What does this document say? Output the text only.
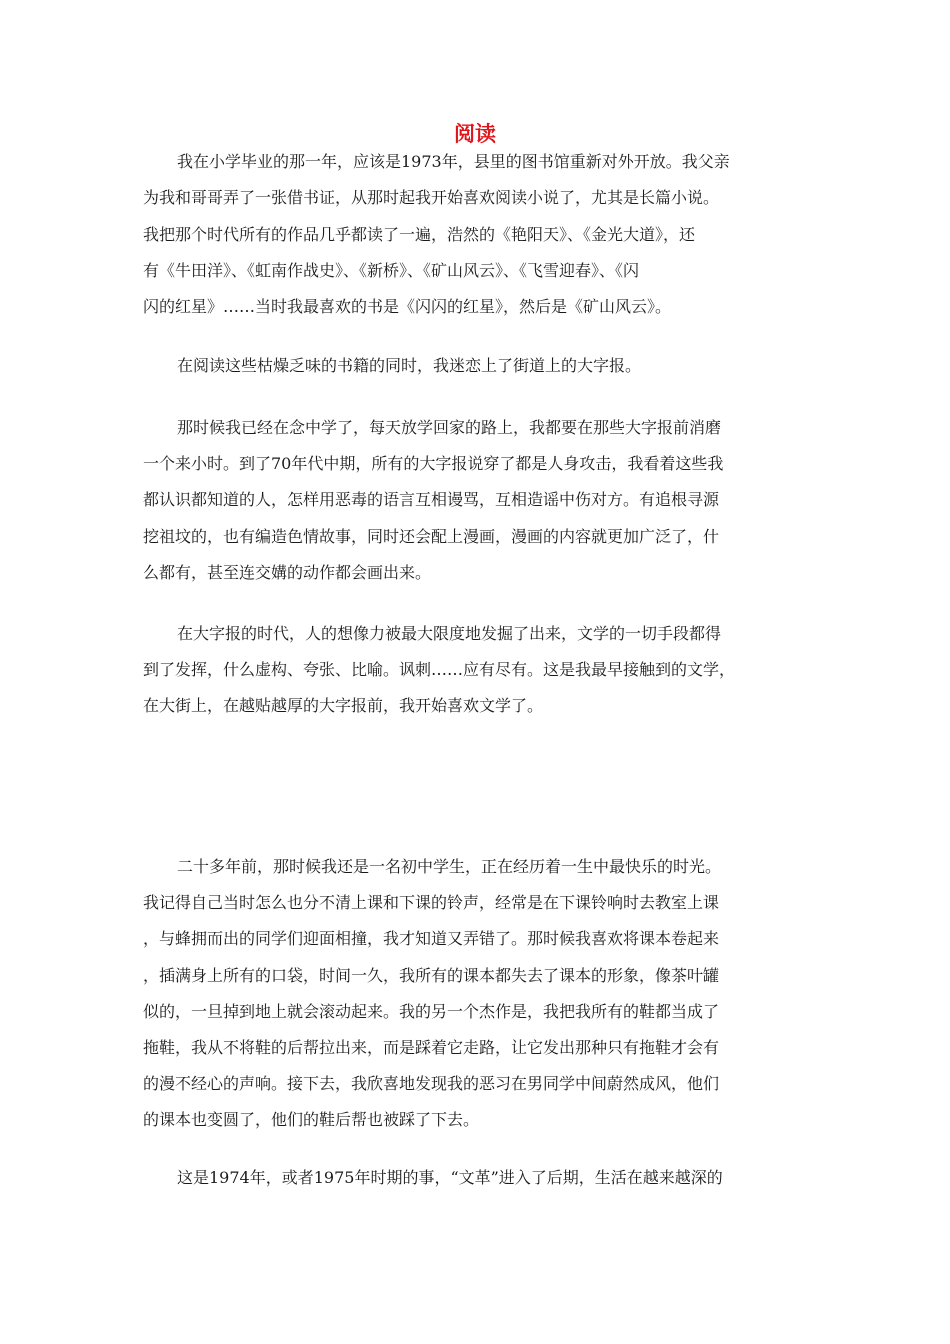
阅读
我在小学毕业的那一年，应该是1973年，县里的图书馆重新对外开放。我父亲
为我和哥哥弄了一张借书证，从那时起我开始喜欢阅读小说了，尤其是长篇小说。
我把那个时代所有的作品几乎都读了一遍，浩然的《艳阳天》、《金光大道》，还
有《牛田洋》、《虹南作战史》、《新桥》、《矿山风云》、《飞雪迎春》、《闪
闪的红星》……当时我最喜欢的书是《闪闪的红星》，然后是《矿山风云》。
在阅读这些枯燥乏味的书籍的同时，我迷恋上了街道上的大字报。
那时候我已经在念中学了，每天放学回家的路上，我都要在那些大字报前消磨
一个来小时。到了70年代中期，所有的大字报说穿了都是人身攻击，我看着这些我
都认识都知道的人，怎样用恶毒的语言互相谩骂，互相造谣中伤对方。有追根寻源
挖祖坟的，也有编造色情故事，同时还会配上漫画，漫画的内容就更加广泛了，什
么都有，甚至连交媾的动作都会画出来。
在大字报的时代，人的想像力被最大限度地发掘了出来，文学的一切手段都得
到了发挥，什么虚构、夸张、比喻。讽刺……应有尽有。这是我最早接触到的文学，
在大街上，在越贴越厚的大字报前，我开始喜欢文学了。
二十多年前，那时候我还是一名初中学生，正在经历着一生中最快乐的时光。
我记得自己当时怎么也分不清上课和下课的铃声，经常是在下课铃响时去教室上课
，与蜂拥而出的同学们迎面相撞，我才知道又弄错了。那时候我喜欢将课本卷起来
，插满身上所有的口袋，时间一久，我所有的课本都失去了课本的形象，像茶叶罐
似的，一旦掉到地上就会滚动起来。我的另一个杰作是，我把我所有的鞋都当成了
拖鞋，我从不将鞋的后帮拉出来，而是踩着它走路，让它发出那种只有拖鞋才会有
的漫不经心的声响。接下去，我欣喜地发现我的恶习在男同学中间蔚然成风，他们
的课本也变圆了，他们的鞋后帮也被踩了下去。
这是1974年，或者1975年时期的事，“文革”进入了后期，生活在越来越深的
